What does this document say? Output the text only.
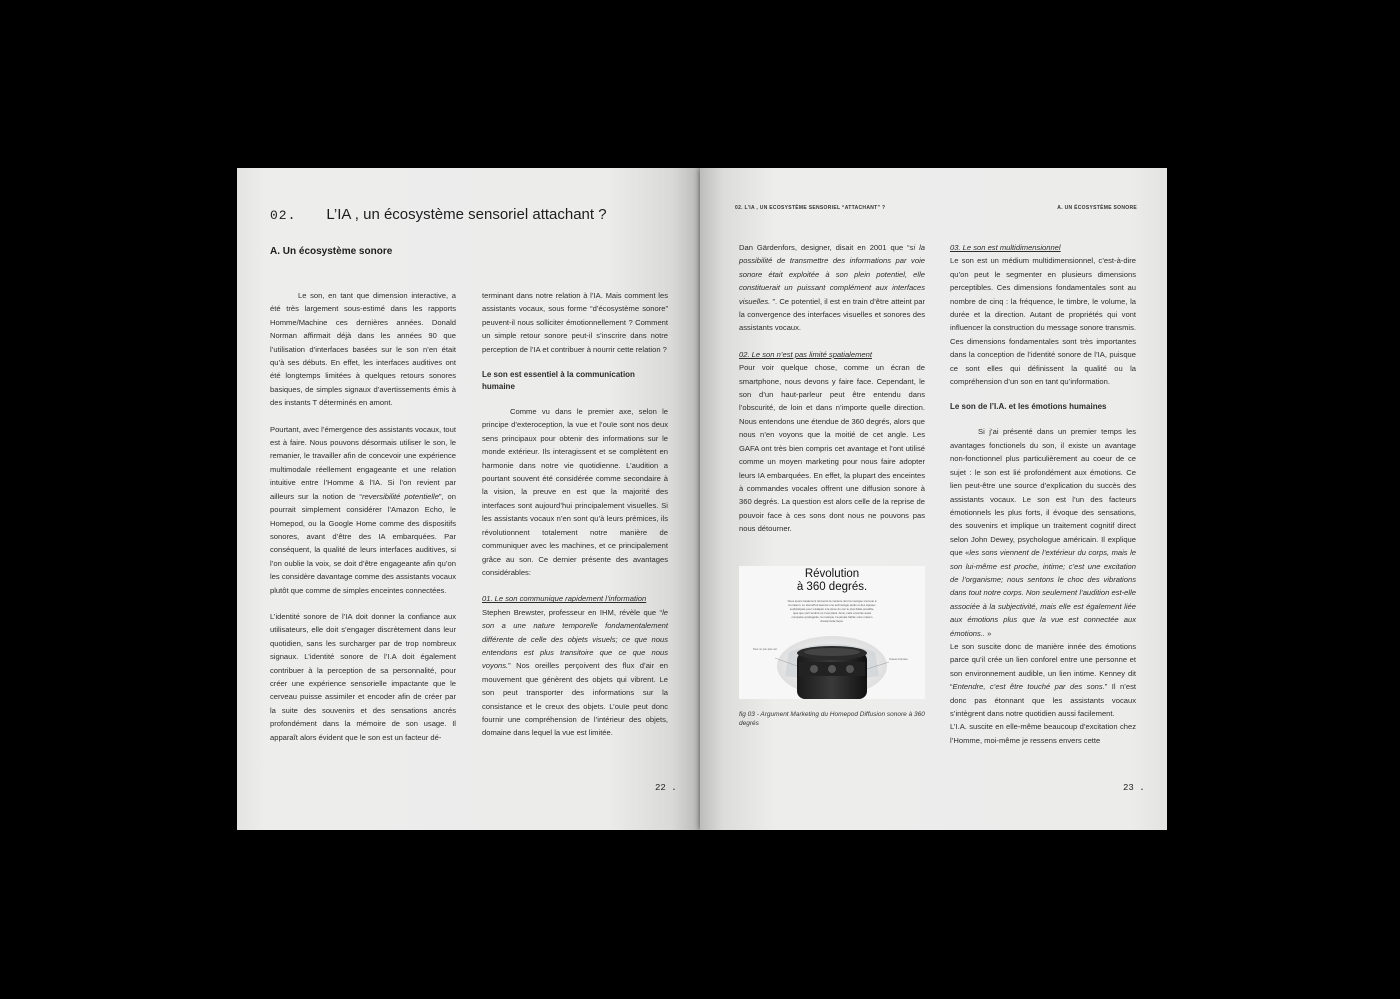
02. L’IA , un écosystème sensoriel attachant ?
A. Un écosystème sonore

Le son, en tant que dimension interactive, a été très largement sous-estimé dans les rapports Homme/Machine ces dernières années. Donald Norman affirmait déjà dans les années 90 que l’utilisation d’interfaces basées sur le son n’en était qu’à ses débuts. En effet, les interfaces auditives ont été longtemps limitées à quelques retours sonores basiques, de simples signaux d’avertissements émis à des instants T déterminés en amont.

Pourtant, avec l’émergence des assistants vocaux, tout est à faire. Nous pouvons désormais utiliser le son, le remanier, le travailler afin de concevoir une expérience multimodale réellement engageante et une relation intuitive entre l’Homme & l’IA. Si l’on revient par ailleurs sur la notion de “reversibilité potentielle”, on pourrait simplement considérer l’Amazon Echo, le Homepod, ou la Google Home comme des dispositifs sonores, avant d’être des IA embarquées. Par conséquent, la qualité de leurs interfaces auditives, si l’on oublie la voix, se doit d’être engageante afin qu’on les considère davantage comme des assistants vocaux plutôt que comme de simples enceintes connectées.

L’identité sonore de l’IA doit donner la confiance aux utilisateurs, elle doit s’engager discrètement dans leur quotidien, sans les surcharger par de trop nombreux signaux. L’identité sonore de l’I.A doit également contribuer à la perception de sa personnalité, pour créer une expérience sensorielle impactante que le cerveau puisse assimiler et encoder afin de créer par la suite des souvenirs et des sensations ancrés profondément dans la mémoire de son usage. Il apparaît alors évident que le son est un facteur dé-

terminant dans notre relation à l’IA. Mais comment les assistants vocaux, sous forme “d’écosystème sonore” peuvent-il nous solliciter émotionnellement ? Comment un simple retour sonore peut-il s’inscrire dans notre perception de l’IA et contribuer à nourrir cette relation ?

Le son est essentiel à la communication humaine

Comme vu dans le premier axe, selon le principe d’exteroception, la vue et l’ouïe sont nos deux sens principaux pour obtenir des informations sur le monde extérieur. Ils interagissent et se complètent en harmonie dans notre vie quotidienne. L’audition a pourtant souvent été considérée comme secondaire à la vision, la preuve en est que la majorité des interfaces sont aujourd’hui principalement visuelles. Si les assistants vocaux n’en sont qu’à leurs prémices, ils révolutionnent totalement notre manière de communiquer avec les machines, et ce principalement grâce au son. Ce dernier présente des avantages considérables:

01. Le son communique rapidement l’information

Stephen Brewster, professeur en IHM, révèle que “le son a une nature temporelle fondamentalement différente de celle des objets visuels; ce que nous entendons est plus transitoire que ce que nous voyons.” Nos oreilles perçoivent des flux d’air en mouvement que génèrent des objets qui vibrent. Le son peut transporter des informations sur la consistance et le creux des objets. L’ouïe peut donc fournir une compréhension de l’intérieur des objets, domaine dans lequel la vue est limitée.

22 .
02. L’IA , UN ECOSYSTÈME SENSORIEL “ATTACHANT” ?	A. UN ÉCOSYSTÈME SONORE

Dan Gärdenfors, designer, disait en 2001 que “si la possibilité de transmettre des informations par voie sonore était exploitée à son plein potentiel, elle constituerait un puissant complément aux interfaces visuelles. ”. Ce potentiel, il est en train d’être atteint par la convergence des interfaces visuelles et sonores des assistants vocaux.

02. Le son n’est pas limité spatialement

Pour voir quelque chose, comme un écran de smartphone, nous devons y faire face. Cependant, le son d’un haut-parleur peut être entendu dans l’obscurité, de loin et dans n’importe quelle direction. Nous entendons une étendue de 360 degrés, alors que nous n’en voyons que la moitié de cet angle. Les GAFA ont très bien compris cet avantage et l’ont utilisé comme un moyen marketing pour nous faire adopter leurs IA embarquées. En effet, la plupart des enceintes à commandes vocales offrent une diffusion sonore à 360 degrés. La question est alors celle de la reprise de pouvoir face à ces sons dont nous ne pouvons pas nous détourner.

Révolution
à 360 degrés.
Nous avons totalement réinventé la manière dont la musique s’écoute à la maison. Le HomePod associe une technologie audio et des signaux sophistiqués pour s’adapter à la pièce du son le plus fidèle possible, quel que soit l’endroit où il est placé. Ainsi, cette enceinte aussi compacte qu’élégante, la musique n’a jamais habité votre maison d’aussi belle façon.
Pour un son plus net
Graves intenses
fig 03 - Argument Marketing du Homepod Diffusion sonore à 360 degrés

03. Le son est multidimensionnel

Le son est un médium multidimensionnel, c’est-à-dire qu’on peut le segmenter en plusieurs dimensions perceptibles. Ces dimensions fondamentales sont au nombre de cinq : la fréquence, le timbre, le volume, la durée et la direction. Autant de propriétés qui vont influencer la construction du message sonore transmis. Ces dimensions fondamentales sont très importantes dans la conception de l’identité sonore de l’IA, puisque ce sont elles qui définissent la qualité ou la compréhension d’un son en tant qu’information.

Le son de l’I.A. et les émotions humaines

Si j’ai présenté dans un premier temps les avantages fonctionels du son, il existe un avantage non-fonctionnel plus particulièrement au coeur de ce sujet : le son est lié profondément aux émotions. Ce lien peut-être une source d’explication du succès des assistants vocaux. Le son est l’un des facteurs émotionnels les plus forts, il évoque des sensations, des souvenirs et implique un traitement cognitif direct selon John Dewey, psychologue américain. Il explique que «les sons viennent de l’extérieur du corps, mais le son lui-même est proche, intime; c’est une excitation de l’organisme; nous sentons le choc des vibrations dans tout notre corps. Non seulement l’audition est-elle associée à la subjectivité, mais elle est également liée aux émotions plus que la vue est connectée aux émotions.. »

Le son suscite donc de manière innée des émotions parce qu’il crée un lien conforel entre une personne et son environnement audible, un lien intime. Kenney dit “Entendre, c’est être touché par des sons.” Il n’est donc pas étonnant que les assistants vocaux s’intègrent dans notre quotidien aussi facilement.

L’I.A. suscite en elle-même beaucoup d’excitation chez l’Homme, moi-même je ressens envers cette

23 .
